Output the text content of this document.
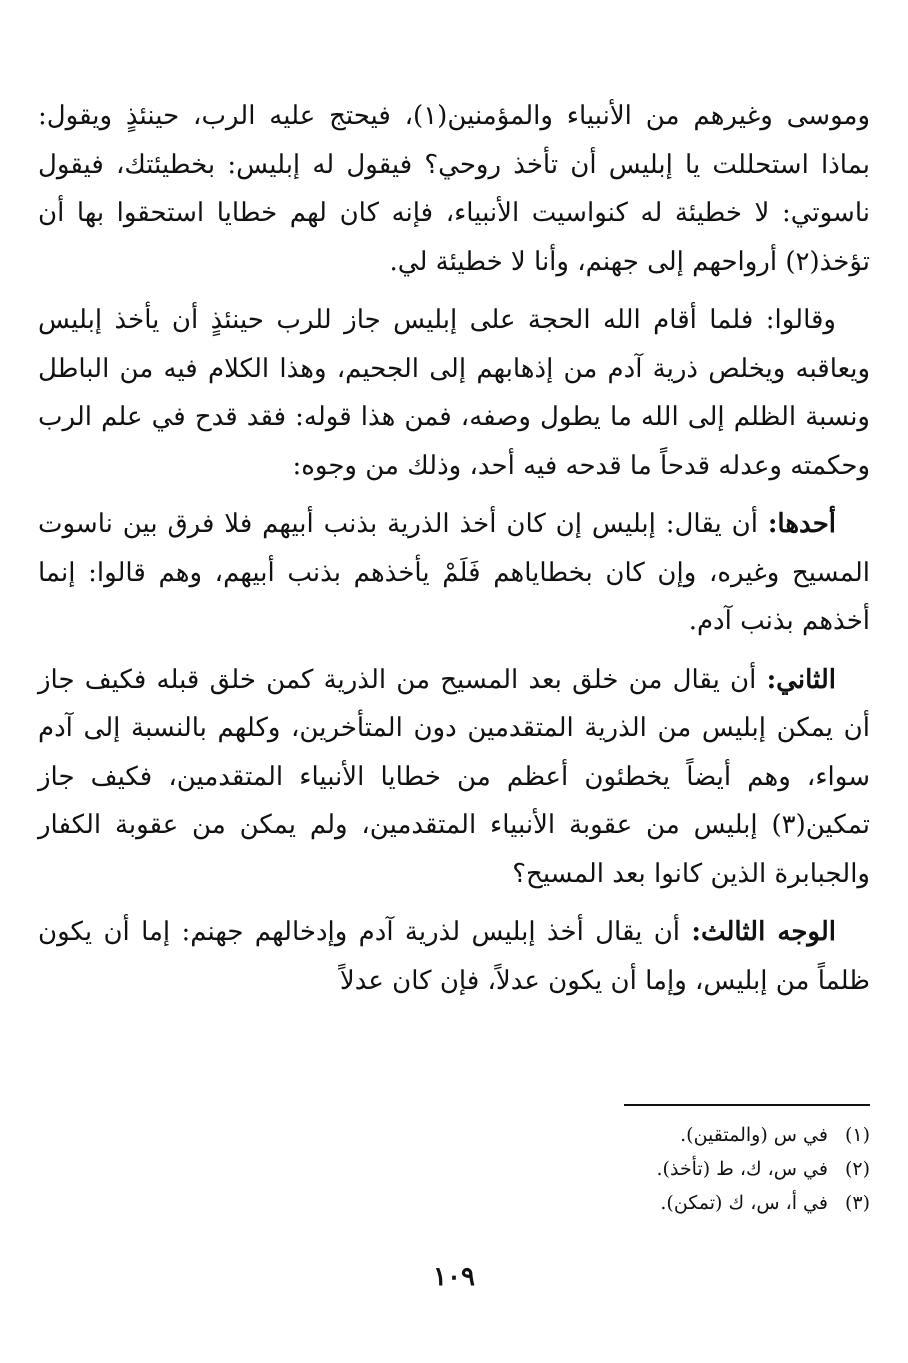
وموسى وغيرهم من الأنبياء والمؤمنين(١)، فيحتج عليه الرب، حينئذٍ ويقول: بماذا استحللت يا إبليس أن تأخذ روحي؟ فيقول له إبليس: بخطيئتك، فيقول ناسوتي: لا خطيئة له كنواسيت الأنبياء، فإنه كان لهم خطايا استحقوا بها أن تؤخذ(٢) أرواحهم إلى جهنم، وأنا لا خطيئة لي.

وقالوا: فلما أقام الله الحجة على إبليس جاز للرب حينئذٍ أن يأخذ إبليس ويعاقبه ويخلص ذرية آدم من إذهابهم إلى الجحيم، وهذا الكلام فيه من الباطل ونسبة الظلم إلى الله ما يطول وصفه، فمن هذا قوله: فقد قدح في علم الرب وحكمته وعدله قدحاً ما قدحه فيه أحد، وذلك من وجوه:

أحدها: أن يقال: إبليس إن كان أخذ الذرية بذنب أبيهم فلا فرق بين ناسوت المسيح وغيره، وإن كان بخطاياهم فَلَمْ يأخذهم بذنب أبيهم، وهم قالوا: إنما أخذهم بذنب آدم.

الثاني: أن يقال من خلق بعد المسيح من الذرية كمن خلق قبله فكيف جاز أن يمكن إبليس من الذرية المتقدمين دون المتأخرين، وكلهم بالنسبة إلى آدم سواء، وهم أيضاً يخطئون أعظم من خطايا الأنبياء المتقدمين، فكيف جاز تمكين(٣) إبليس من عقوبة الأنبياء المتقدمين، ولم يمكن من عقوبة الكفار والجبابرة الذين كانوا بعد المسيح؟

الوجه الثالث: أن يقال أخذ إبليس لذرية آدم وإدخالهم جهنم: إما أن يكون ظلماً من إبليس، وإما أن يكون عدلاً، فإن كان عدلاً

(١) في س (والمتقين).
(٢) في س، ك، ط (تأخذ).
(٣) في أ، س، ك (تمكن).
١٠٩
